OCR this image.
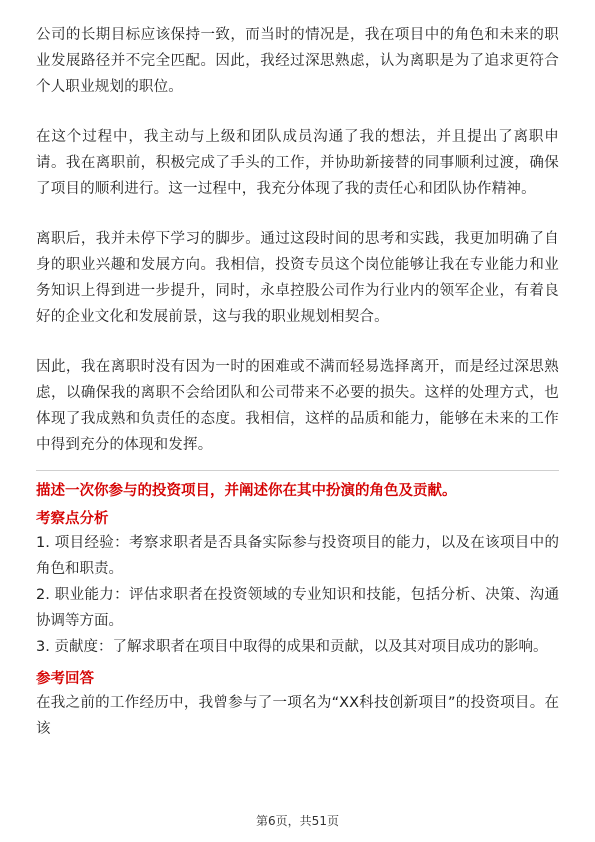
公司的长期目标应该保持一致，而当时的情况是，我在项目中的角色和未来的职业发展路径并不完全匹配。因此，我经过深思熟虑，认为离职是为了追求更符合个人职业规划的职位。

在这个过程中，我主动与上级和团队成员沟通了我的想法，并且提出了离职申请。我在离职前，积极完成了手头的工作，并协助新接替的同事顺利过渡，确保了项目的顺利进行。这一过程中，我充分体现了我的责任心和团队协作精神。

离职后，我并未停下学习的脚步。通过这段时间的思考和实践，我更加明确了自身的职业兴趣和发展方向。我相信，投资专员这个岗位能够让我在专业能力和业务知识上得到进一步提升，同时，永卓控股公司作为行业内的领军企业，有着良好的企业文化和发展前景，这与我的职业规划相契合。

因此，我在离职时没有因为一时的困难或不满而轻易选择离开，而是经过深思熟虑，以确保我的离职不会给团队和公司带来不必要的损失。这样的处理方式，也体现了我成熟和负责任的态度。我相信，这样的品质和能力，能够在未来的工作中得到充分的体现和发挥。

描述一次你参与的投资项目，并阐述你在其中扮演的角色及贡献。

考察点分析

1. 项目经验：考察求职者是否具备实际参与投资项目的能力，以及在该项目中的角色和职责。

2. 职业能力：评估求职者在投资领域的专业知识和技能，包括分析、决策、沟通协调等方面。

3. 贡献度：了解求职者在项目中取得的成果和贡献，以及其对项目成功的影响。

参考回答

在我之前的工作经历中，我曾参与了一项名为“XX科技创新项目”的投资项目。在该

第6页，共51页
